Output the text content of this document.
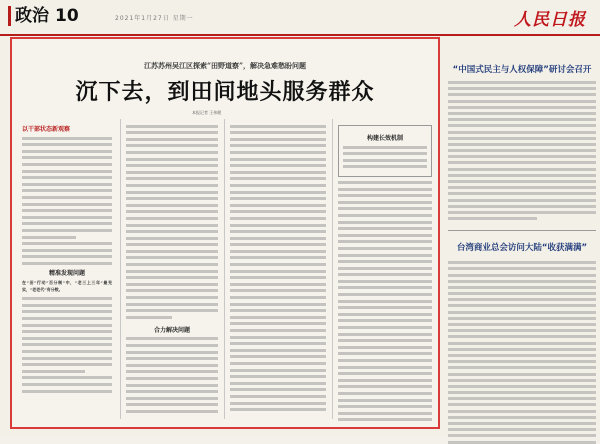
政治 10	2021年1月27日 星期一	人民日报
江苏苏州吴江区探索“田野道察”，解决急难愁盼问题
沉下去，到田间地头服务群众
本报记者 王伟健
以干部状态新观察
精准发现问题
在“田”行动“百分制”中，“老三上三年”最充实，“老老代”有分数。
合力解决问题
构建长效机制
“中国式民主与人权保障”研讨会召开
台湾商业总会访问大陆“收获满满”
